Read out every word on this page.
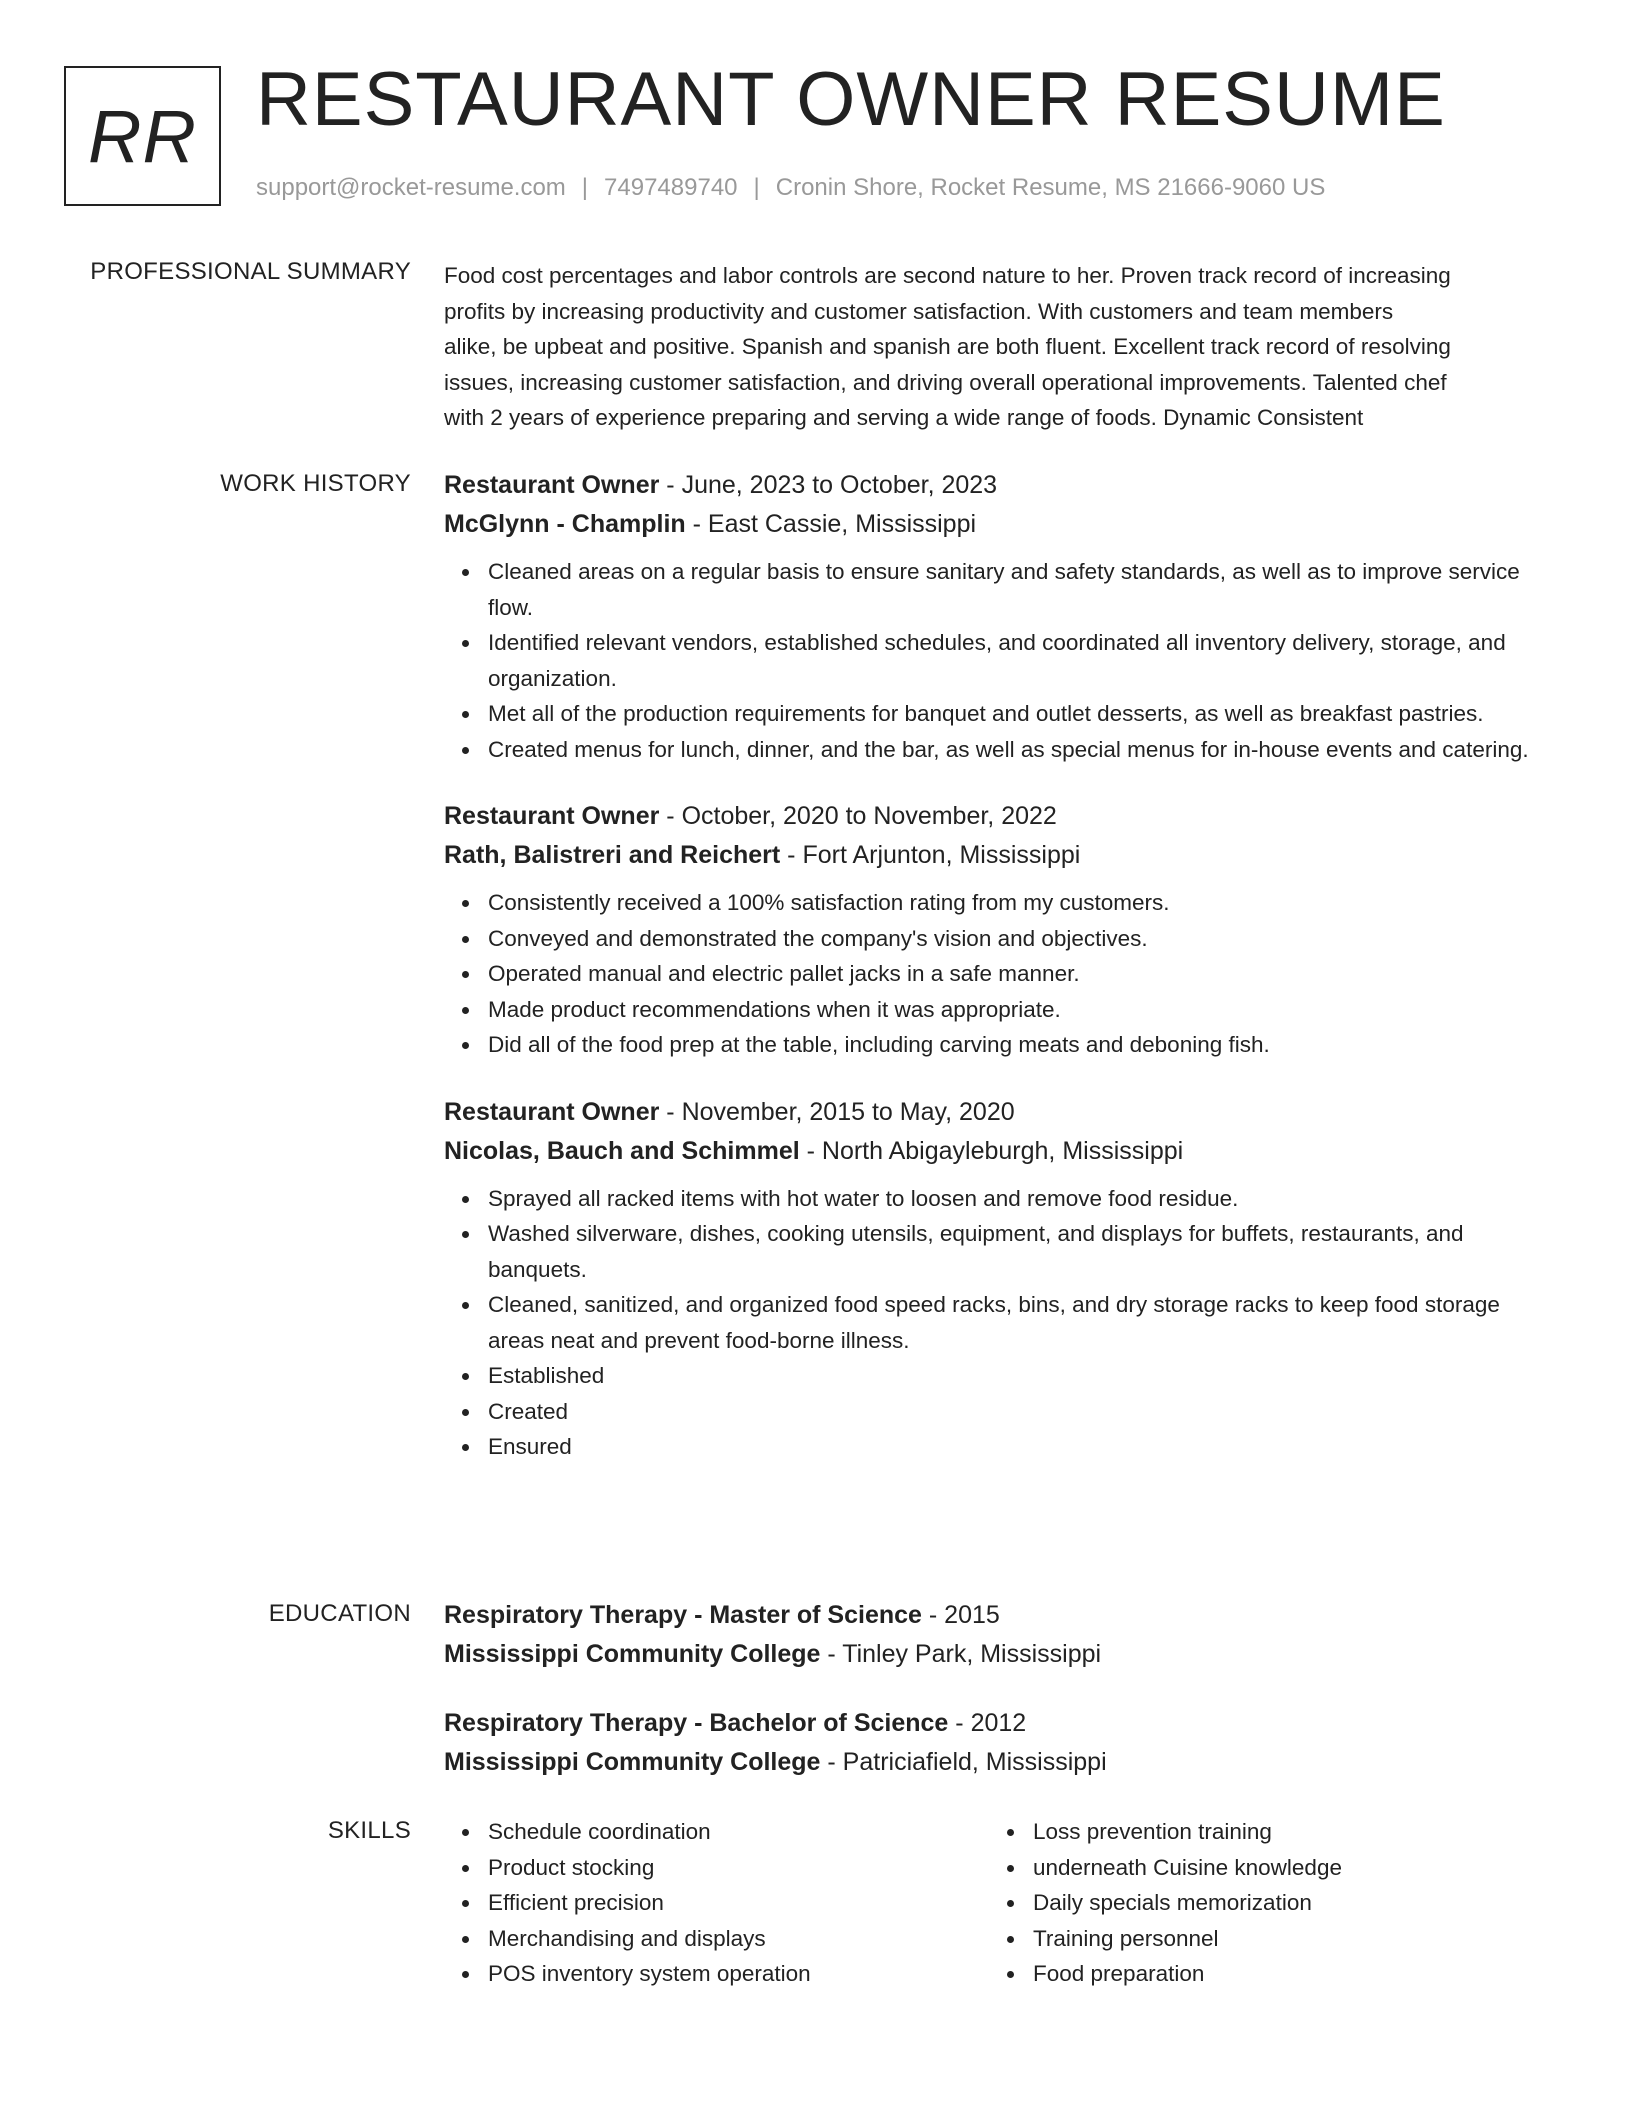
RR RESTAURANT OWNER RESUME
support@rocket-resume.com | 7497489740 | Cronin Shore, Rocket Resume, MS 21666-9060 US
PROFESSIONAL SUMMARY Food cost percentages and labor controls are second nature to her. Proven track record of increasing
profits by increasing productivity and customer satisfaction. With customers and team members
alike, be upbeat and positive. Spanish and spanish are both fluent. Excellent track record of resolving
issues, increasing customer satisfaction, and driving overall operational improvements. Talented chef
with 2 years of experience preparing and serving a wide range of foods. Dynamic Consistent

WORK HISTORY Restaurant Owner - June, 2023 to October, 2023
McGlynn - Champlin - East Cassie, Mississippi
Cleaned areas on a regular basis to ensure sanitary and safety standards, as well as to improve service flow.
Identified relevant vendors, established schedules, and coordinated all inventory delivery, storage, and organization.
Met all of the production requirements for banquet and outlet desserts, as well as breakfast pastries.
Created menus for lunch, dinner, and the bar, as well as special menus for in-house events and catering.
Restaurant Owner - October, 2020 to November, 2022
Rath, Balistreri and Reichert - Fort Arjunton, Mississippi
Consistently received a 100% satisfaction rating from my customers.
Conveyed and demonstrated the company's vision and objectives.
Operated manual and electric pallet jacks in a safe manner.
Made product recommendations when it was appropriate.
Did all of the food prep at the table, including carving meats and deboning fish.
Restaurant Owner - November, 2015 to May, 2020
Nicolas, Bauch and Schimmel - North Abigayleburgh, Mississippi
Sprayed all racked items with hot water to loosen and remove food residue.
Washed silverware, dishes, cooking utensils, equipment, and displays for buffets, restaurants, and banquets.
Cleaned, sanitized, and organized food speed racks, bins, and dry storage racks to keep food storage areas neat and prevent food-borne illness.
Established
Created
Ensured
EDUCATION Respiratory Therapy - Master of Science - 2015
Mississippi Community College - Tinley Park, Mississippi
Respiratory Therapy - Bachelor of Science - 2012
Mississippi Community College - Patriciafield, Mississippi
SKILLS	Schedule coordination
Product stocking
Efficient precision
Merchandising and displays
POS inventory system operation
Loss prevention training
underneath Cuisine knowledge
Daily specials memorization
Training personnel
Food preparation
